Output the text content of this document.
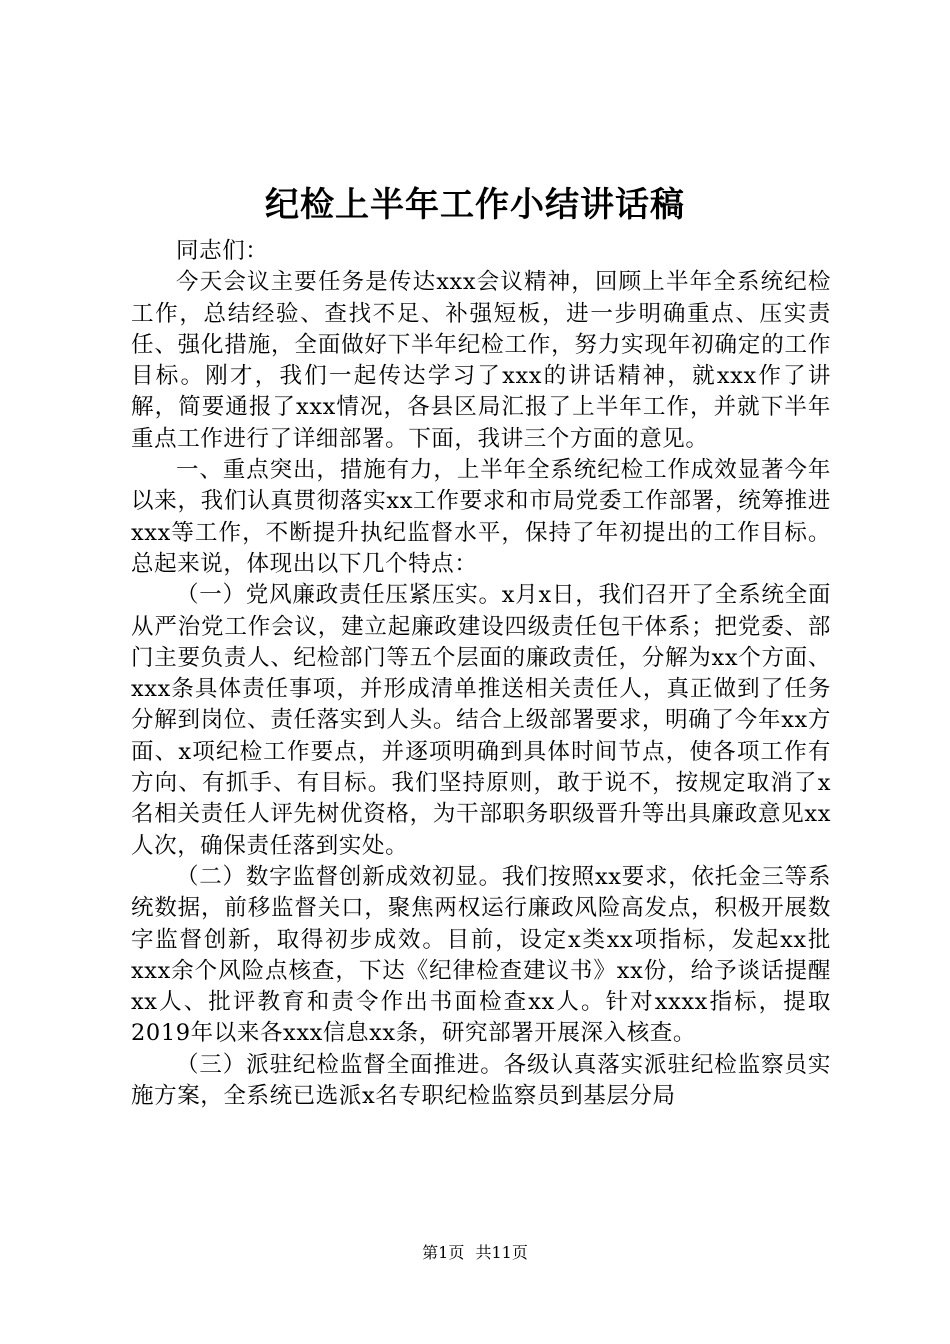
纪检上半年工作小结讲话稿

同志们：

今天会议主要任务是传达xxx会议精神，回顾上半年全系统纪检工作，总结经验、查找不足、补强短板，进一步明确重点、压实责任、强化措施，全面做好下半年纪检工作，努力实现年初确定的工作目标。刚才，我们一起传达学习了xxx的讲话精神，就xxx作了讲解，简要通报了xxx情况，各县区局汇报了上半年工作，并就下半年重点工作进行了详细部署。下面，我讲三个方面的意见。

一、重点突出，措施有力，上半年全系统纪检工作成效显著今年以来，我们认真贯彻落实xx工作要求和市局党委工作部署，统筹推进xxx等工作，不断提升执纪监督水平，保持了年初提出的工作目标。总起来说，体现出以下几个特点：

（一）党风廉政责任压紧压实。x月x日，我们召开了全系统全面从严治党工作会议，建立起廉政建设四级责任包干体系；把党委、部门主要负责人、纪检部门等五个层面的廉政责任，分解为xx个方面、xxx条具体责任事项，并形成清单推送相关责任人，真正做到了任务分解到岗位、责任落实到人头。结合上级部署要求，明确了今年xx方面、x项纪检工作要点，并逐项明确到具体时间节点，使各项工作有方向、有抓手、有目标。我们坚持原则，敢于说不，按规定取消了x名相关责任人评先树优资格，为干部职务职级晋升等出具廉政意见xx人次，确保责任落到实处。

（二）数字监督创新成效初显。我们按照xx要求，依托金三等系统数据，前移监督关口，聚焦两权运行廉政风险高发点，积极开展数字监督创新，取得初步成效。目前，设定x类xx项指标，发起xx批xxx余个风险点核查，下达《纪律检查建议书》xx份，给予谈话提醒xx人、批评教育和责令作出书面检查xx人。针对xxxx指标，提取2019年以来各xxx信息xx条，研究部署开展深入核查。

（三）派驻纪检监督全面推进。各级认真落实派驻纪检监察员实施方案，全系统已选派x名专职纪检监察员到基层分局

第1页 共11页
